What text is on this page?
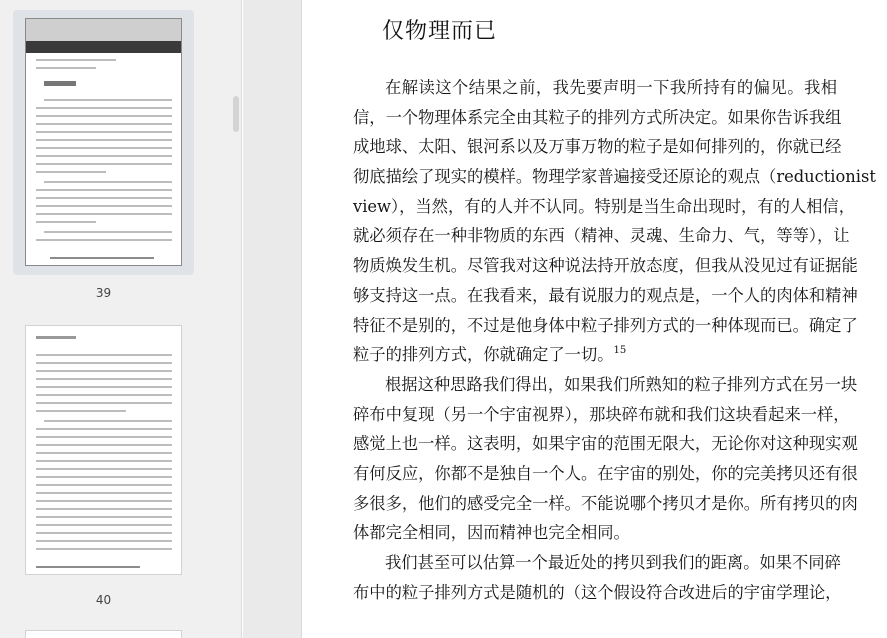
39
40
仅物理而已
在解读这个结果之前，我先要声明一下我所持有的偏见。我相
信，一个物理体系完全由其粒子的排列方式所决定。如果你告诉我组
成地球、太阳、银河系以及万事万物的粒子是如何排列的，你就已经
彻底描绘了现实的模样。物理学家普遍接受还原论的观点（reductionist
view），当然，有的人并不认同。特别是当生命出现时，有的人相信，
就必须存在一种非物质的东西（精神、灵魂、生命力、气，等等），让
物质焕发生机。尽管我对这种说法持开放态度，但我从没见过有证据能
够支持这一点。在我看来，最有说服力的观点是，一个人的肉体和精神
特征不是别的，不过是他身体中粒子排列方式的一种体现而已。确定了
粒子的排列方式，你就确定了一切。$^{15}$
根据这种思路我们得出，如果我们所熟知的粒子排列方式在另一块
碎布中复现（另一个宇宙视界），那块碎布就和我们这块看起来一样，
感觉上也一样。这表明，如果宇宙的范围无限大，无论你对这种现实观
有何反应，你都不是独自一个人。在宇宙的别处，你的完美拷贝还有很
多很多，他们的感受完全一样。不能说哪个拷贝才是你。所有拷贝的肉
体都完全相同，因而精神也完全相同。
我们甚至可以估算一个最近处的拷贝到我们的距离。如果不同碎
布中的粒子排列方式是随机的（这个假设符合改进后的宇宙学理论，
